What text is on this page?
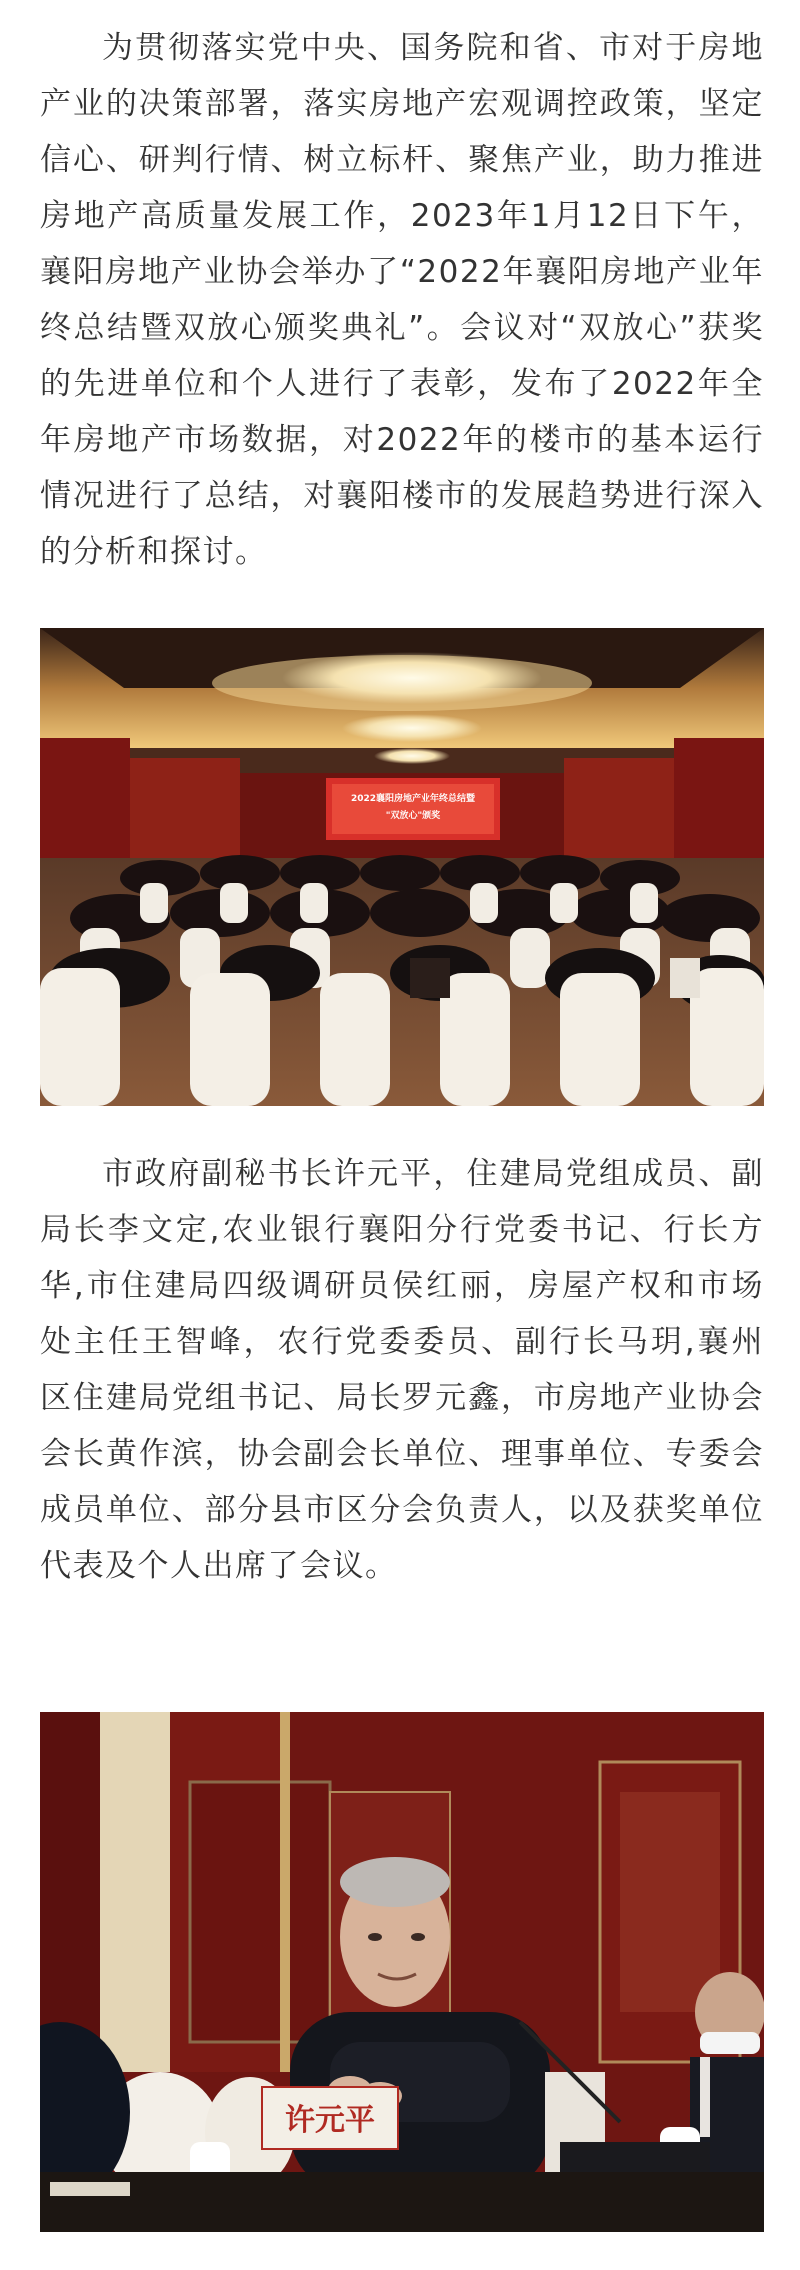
为贯彻落实党中央、国务院和省、市对于房地产业的决策部署，落实房地产宏观调控政策，坚定信心、研判行情、树立标杆、聚焦产业，助力推进房地产高质量发展工作，2023年1月12日下午，襄阳房地产业协会举办了“2022年襄阳房地产业年终总结暨双放心颁奖典礼”。会议对“双放心”获奖的先进单位和个人进行了表彰，发布了2022年全年房地产市场数据，对2022年的楼市的基本运行情况进行了总结，对襄阳楼市的发展趋势进行深入的分析和探讨。

2022襄阳房地产业年终总结暨
"双放心"颁奖

市政府副秘书长许元平，住建局党组成员、副局长李文定,农业银行襄阳分行党委书记、行长方华,市住建局四级调研员侯红丽，房屋产权和市场处主任王智峰，农行党委委员、副行长马玥,襄州区住建局党组书记、局长罗元鑫，市房地产业协会会长黄作滨，协会副会长单位、理事单位、专委会成员单位、部分县市区分会负责人，以及获奖单位代表及个人出席了会议。

许元平
